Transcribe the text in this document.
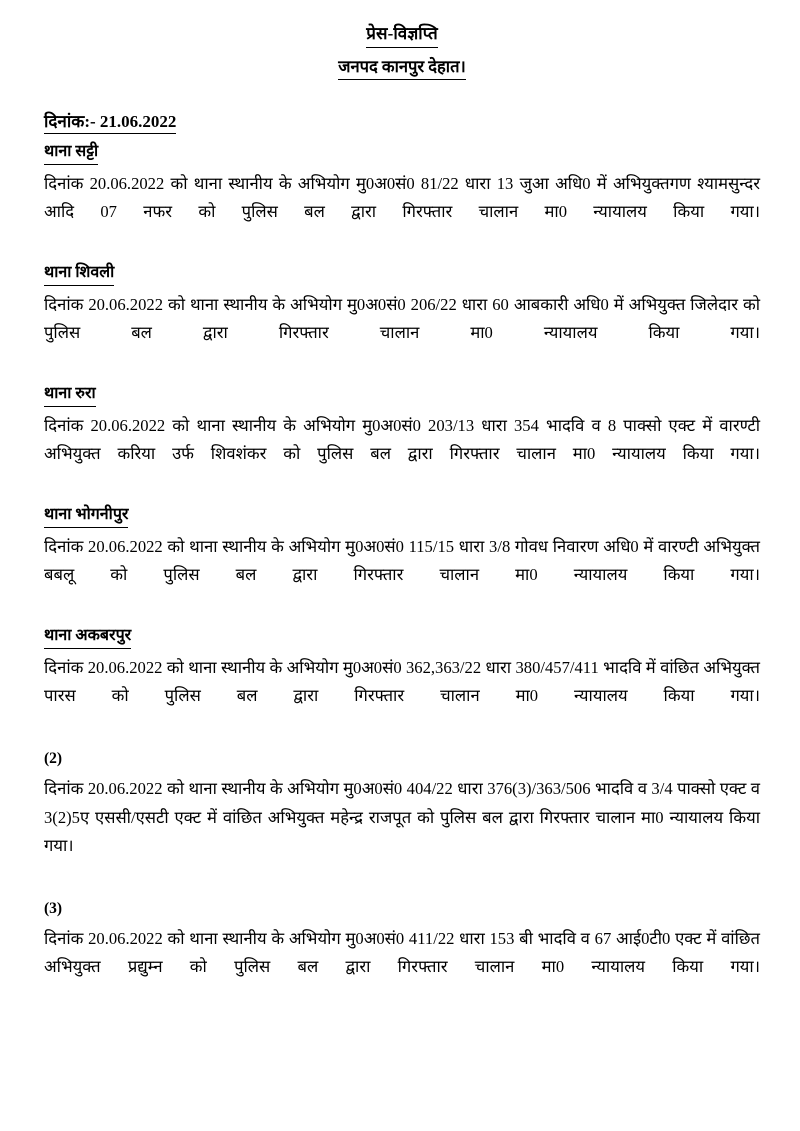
प्रेस-विज्ञप्ति
जनपद कानपुर देहात।
दिनांक:- 21.06.2022
थाना सट्टी

दिनांक 20.06.2022 को थाना स्थानीय के अभियोग मु0अ0सं0 81/22 धारा 13 जुआ अधि0 में अभियुक्तगण श्यामसुन्दर आदि 07 नफर को पुलिस बल द्वारा गिरफ्तार चालान मा0 न्यायालय किया गया।

थाना शिवली

दिनांक 20.06.2022 को थाना स्थानीय के अभियोग मु0अ0सं0 206/22 धारा 60 आबकारी अधि0 में अभियुक्त जिलेदार को पुलिस बल द्वारा गिरफ्तार चालान मा0 न्यायालय किया गया।

थाना रुरा

दिनांक 20.06.2022 को थाना स्थानीय के अभियोग मु0अ0सं0 203/13 धारा 354 भादवि व 8 पाक्सो एक्ट में वारण्टी अभियुक्त करिया उर्फ शिवशंकर को पुलिस बल द्वारा गिरफ्तार चालान मा0 न्यायालय किया गया।

थाना भोगनीपुर

दिनांक 20.06.2022 को थाना स्थानीय के अभियोग मु0अ0सं0 115/15 धारा 3/8 गोवध निवारण अधि0 में वारण्टी अभियुक्त बबलू को पुलिस बल द्वारा गिरफ्तार चालान मा0 न्यायालय किया गया।

थाना अकबरपुर

दिनांक 20.06.2022 को थाना स्थानीय के अभियोग मु0अ0सं0 362,363/22 धारा 380/457/411 भादवि में वांछित अभियुक्त पारस को पुलिस बल द्वारा गिरफ्तार चालान मा0 न्यायालय किया गया।

(2)

दिनांक 20.06.2022 को थाना स्थानीय के अभियोग मु0अ0सं0 404/22 धारा 376(3)/363/506 भादवि व 3/4 पाक्सो एक्ट व 3(2)5ए एससी/एसटी एक्ट में वांछित अभियुक्त महेन्द्र राजपूत को पुलिस बल द्वारा गिरफ्तार चालान मा0 न्यायालय किया गया।

(3)

दिनांक 20.06.2022 को थाना स्थानीय के अभियोग मु0अ0सं0 411/22 धारा 153 बी भादवि व 67 आई0टी0 एक्ट में वांछित अभियुक्त प्रद्युम्न को पुलिस बल द्वारा गिरफ्तार चालान मा0 न्यायालय किया गया।
